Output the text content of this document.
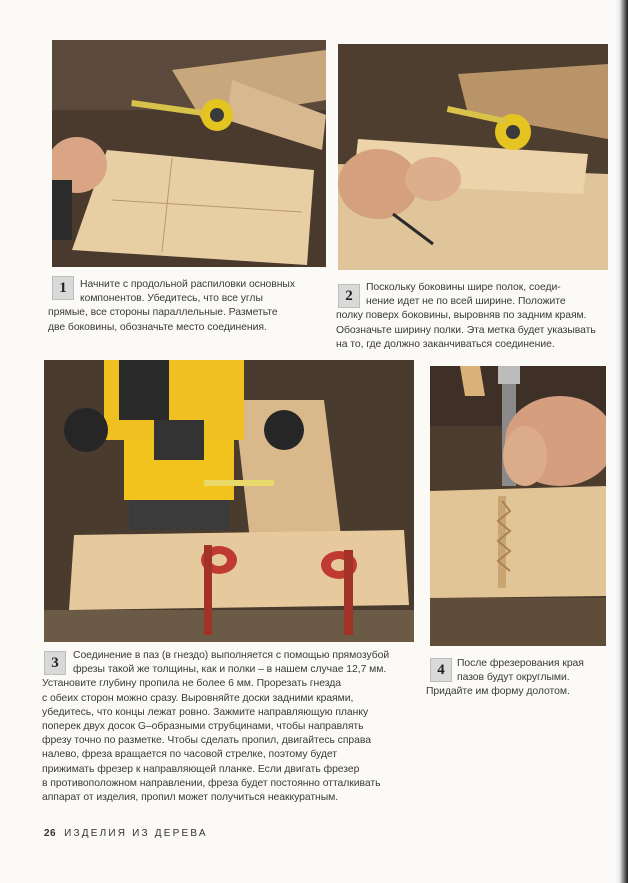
1	Начните с продольной распиловки основных
компонентов. Убедитесь, что все углы
прямые, все стороны параллельные. Разметьте
две боковины, обозначьте место соединения.
2
Поскольку боковины шире полок, соеди-
нение идет не по всей ширине. Положите
полку поверх боковины, выровняв по задним краям.
Обозначьте ширину полки. Эта метка будет указывать
на то, где должно заканчиваться соединение.
3	Соединение в паз (в гнездо) выполняется с помощью прямозубой
фрезы такой же толщины, как и полки – в нашем случае 12,7 мм.
Установите глубину пропила не более 6 мм. Прорезать гнезда
с обеих сторон можно сразу. Выровняйте доски задними краями,
убедитесь, что концы лежат ровно. Зажмите направляющую планку
поперек двух досок G–образными струбцинами, чтобы направлять
фрезу точно по разметке. Чтобы сделать пропил, двигайтесь справа
налево, фреза вращается по часовой стрелке, поэтому будет
прижимать фрезер к направляющей планке. Если двигать фрезер
в противоположном направлении, фреза будет постоянно отталкивать
аппарат от изделия, пропил может получиться неаккуратным.
4	После фрезерования края
пазов будут округлыми.
Придайте им форму долотом.
26 ИЗДЕЛИЯ ИЗ ДЕРЕВА
